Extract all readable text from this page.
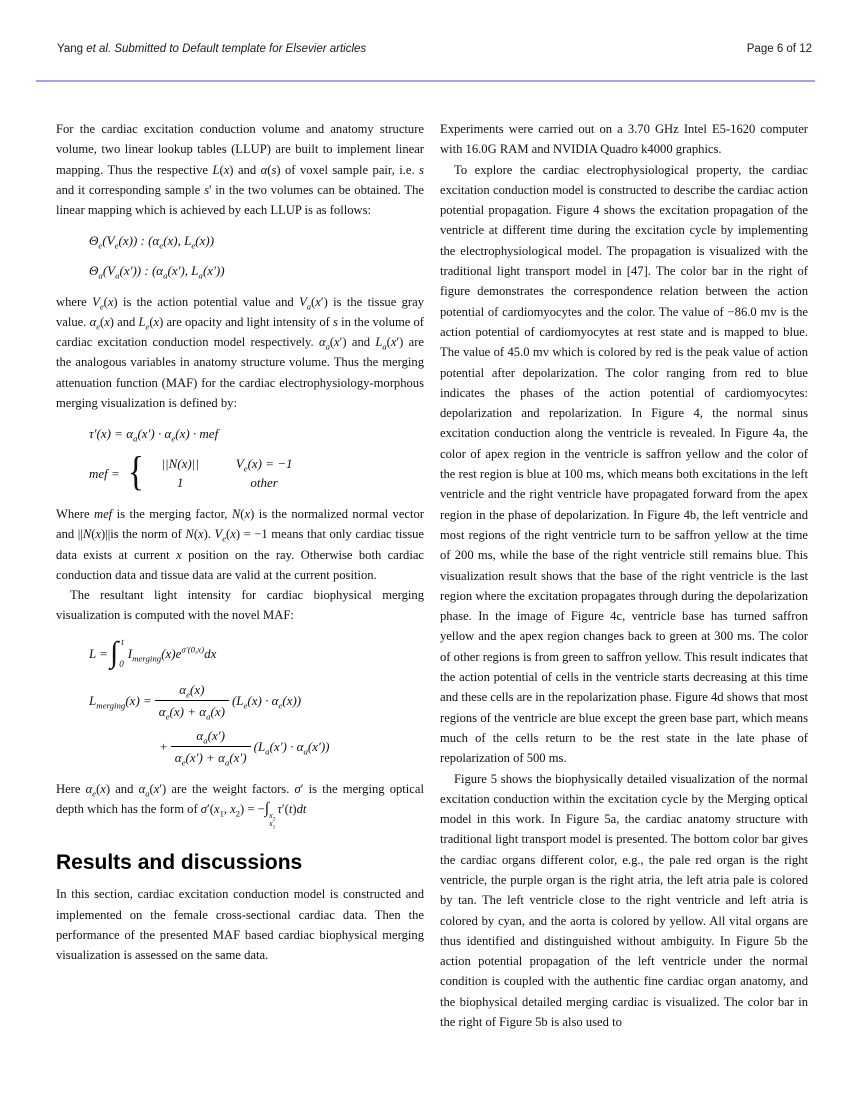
Yang et al. Submitted to Default template for Elsevier articles	Page 6 of 12

For the cardiac excitation conduction volume and anatomy structure volume, two linear lookup tables (LLUP) are built to implement linear mapping. Thus the respective L(x) and α(s) of voxel sample pair, i.e. s and it corresponding sample s' in the two volumes can be obtained. The linear mapping which is achieved by each LLUP is as follows:

$\Theta_e(V_e(x))$ : ($\alpha_e(x)$, $L_e(x)$)
$\Theta_a(V_a(x'))$ : ($\alpha_a(x')$, $L_a(x')$)

where $V_e(x)$ is the action potential value and $V_a(x')$ is the tissue gray value. $\alpha_e(x)$ and $L_e(x)$ are opacity and light intensity of s in the volume of cardiac excitation conduction model respectively. $\alpha_a(x')$ and $L_a(x')$ are the analogous variables in anatomy structure volume. Thus the merging attenuation function (MAF) for the cardiac electrophysiology-morphous merging visualization is defined by:

$\tau'(x) = \alpha_a(x') \cdot \alpha_e(x)$ · mef
mef = {	||N(x)||	$V_e(x) = -1$
1	other

Where mef is the merging factor, N(x) is the normalized normal vector and ||N(x)||is the norm of N(x). $V_e(x) = -1$ means that only cardiac tissue data exists at current x position on the ray. Otherwise both cardiac conduction data and tissue data are valid at the current position.

The resultant light intensity for cardiac biophysical merging visualization is computed with the novel MAF:

L = ∫ t
0
$I_{merging}(x)e^{\sigma'(0,x)}dx$
$L_{merging}(x) = \frac{\alpha_e(x)}{\alpha_e(x) + \alpha_a(x)} (L_e(x) \cdot \alpha_e(x))$
+ $\frac{\alpha_a(x')}{\alpha_e(x') + \alpha_a(x')} (L_a(x') \cdot \alpha_a(x'))$

Here $\alpha_e(x)$ and $\alpha_a(x')$ are the weight factors. σ′ is the merging optical depth which has the form of $\sigma'(x_1$, $x_2$) = −∫ $x_2$
$x_1$
τ′(t)dt

Results and discussions

In this section, cardiac excitation conduction model is constructed and implemented on the female cross-sectional cardiac data. Then the performance of the presented MAF based cardiac biophysical merging visualization is assessed on the same data.

Experiments were carried out on a 3.70 GHz Intel E5-1620 computer with 16.0G RAM and NVIDIA Quadro k4000 graphics.

To explore the cardiac electrophysiological property, the cardiac excitation conduction model is constructed to describe the cardiac action potential propagation. Figure 4 shows the excitation propagation of the ventricle at different time during the excitation cycle by implementing the electrophysiological model. The propagation is visualized with the traditional light transport model in [47]. The color bar in the right of figure demonstrates the correspondence relation between the action potential of cardiomyocytes and the color. The value of −86.0 mv is the action potential of cardiomyocytes at rest state and is mapped to blue. The value of 45.0 mv which is colored by red is the peak value of action potential after depolarization. The color ranging from red to blue indicates the phases of the action potential of cardiomyocytes: depolarization and repolarization. In Figure 4, the normal sinus excitation conduction along the ventricle is revealed. In Figure 4a, the color of apex region in the ventricle is saffron yellow and the color of the rest region is blue at 100 ms, which means both excitations in the left ventricle and the right ventricle have propagated forward from the apex region in the phase of depolarization. In Figure 4b, the left ventricle and most regions of the right ventricle turn to be saffron yellow at the time of 200 ms, while the base of the right ventricle still remains blue. This visualization result shows that the base of the right ventricle is the last region where the excitation propagates through during the depolarization phase. In the image of Figure 4c, ventricle base has turned saffron yellow and the apex region changes back to green at 300 ms. The color of other regions is from green to saffron yellow. This result indicates that the action potential of cells in the ventricle starts decreasing at this time and these cells are in the repolarization phase. Figure 4d shows that most regions of the ventricle are blue except the green base part, which means much of the cells return to be the rest state in the late phase of repolarization of 500 ms.

Figure 5 shows the biophysically detailed visualization of the normal excitation conduction within the excitation cycle by the Merging optical model in this work. In Figure 5a, the cardiac anatomy structure with traditional light transport model is presented. The bottom color bar gives the cardiac organs different color, e.g., the pale red organ is the right ventricle, the purple organ is the right atria, the left atria pale is colored by tan. The left ventricle close to the right ventricle and left atria is colored by cyan, and the aorta is colored by yellow. All vital organs are thus identified and distinguished without ambiguity. In Figure 5b the action potential propagation of the left ventricle under the normal condition is coupled with the authentic fine cardiac organ anatomy, and the biophysical detailed merging cardiac is visualized. The color bar in the right of Figure 5b is also used to
